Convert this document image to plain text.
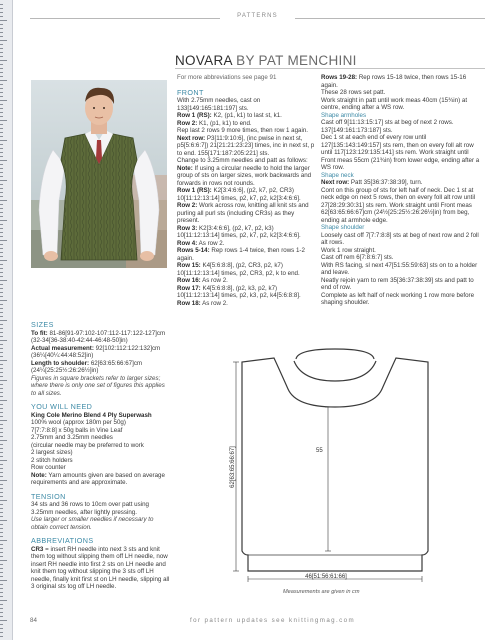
PATTERNS
NOVARA BY PAT MENCHINI
SIZES

To fit: 81-86[91-97:102-107:112-117:122-127]cm (32-34[36-38:40-42:44-46:48-50]in)

Actual measurement: 92[102:112:122:132]cm (36¼[40¼:44:48:52]in)

Length to shoulder: 62[63:65:66:67]cm (24¼[25:25½:26:26½]in)

Figures in square brackets refer to larger sizes; where there is only one set of figures this applies to all sizes.

YOU WILL NEED

King Cole Merino Blend 4 Ply Superwash

100% wool (approx 180m per 50g)

7[7:7:8:8] x 50g balls in Vine Leaf

2.75mm and 3.25mm needles

(circular needle may be preferred to work

2 largest sizes)

2 stitch holders

Row counter

Note: Yarn amounts given are based on average requirements and are approximate.

TENSION

34 sts and 36 rows to 10cm over patt using 3.25mm needles, after lightly pressing.

Use larger or smaller needles if necessary to obtain correct tension.

ABBREVIATIONS

CR3 = insert RH needle into next 3 sts and knit them tog without slipping them off LH needle, now insert RH needle into first 2 sts on LH needle and knit them tog without slipping the 3 sts off LH needle, finally knit first st on LH needle, slipping all 3 original sts tog off LH needle.

For more abbreviations see page 91

FRONT

With 2.75mm needles, cast on 133[149:165:181:197] sts.

Row 1 (RS): K2, (p1, k1) to last st, k1.

Row 2: K1, (p1, k1) to end.

Rep last 2 rows 9 more times, then row 1 again.

Next row: P3[11:9:10:6], (inc pwise in next st, p5[5:6:6:7]) 21[21:21:23:23] times, inc in next st, p to end. 155[171:187:205:221] sts.

Change to 3.25mm needles and patt as follows:

Note: If using a circular needle to hold the larger group of sts on larger sizes, work backwards and forwards in rows not rounds.

Row 1 (RS): K2[3:4:6:6], (p2, k7, p2, CR3) 10[11:12:13:14] times, p2, k7, p2, k2[3:4:6:6].

Row 2: Work across row, knitting all knit sts and purling all purl sts (including CR3s) as they present.

Row 3: K2[3:4:6:6], (p2, k7, p2, k3) 10[11:12:13:14] times, p2, k7, p2, k2[3:4:6:6].

Row 4: As row 2.

Rows 5-14: Rep rows 1-4 twice, then rows 1-2 again.

Row 15: K4[5:6:8:8], (p2, CR3, p2, k7) 10[11:12:13:14] times, p2, CR3, p2, k to end.

Row 16: As row 2.

Row 17: K4[5:6:8:8], (p2, k3, p2, k7) 10[11:12:13:14] times, p2, k3, p2, k4[5:6:8:8].

Row 18: As row 2.

Rows 19-28: Rep rows 15-18 twice, then rows 15-16 again.

These 28 rows set patt.

Work straight in patt until work meas 40cm (15¾in) at centre, ending after a WS row.

Shape armholes

Cast off 9[11:13:15:17] sts at beg of next 2 rows. 137[149:161:173:187] sts.

Dec 1 st at each end of every row until 127[135:143:149:157] sts rem, then on every foll alt row until 117[123:129:135:141] sts rem. Work straight until Front meas 55cm (21¾in) from lower edge, ending after a WS row.

Shape neck

Next row: Patt 35[36:37:38:39], turn.

Cont on this group of sts for left half of neck. Dec 1 st at neck edge on next 5 rows, then on every foll alt row until 27[28:29:30:31] sts rem. Work straight until Front meas 62[63:65:66:67]cm (24½[25:25½:26:26½]in) from beg, ending at armhole edge.

Shape shoulder

Loosely cast off 7[7:7:8:8] sts at beg of next row and 2 foll alt rows.

Work 1 row straight.

Cast off rem 6[7:8:6:7] sts.

With RS facing, sl next 47[51:55:59:63] sts on to a holder and leave.

Neatly rejoin yarn to rem 35[36:37:38:39] sts and patt to end of row.

Complete as left half of neck working 1 row more before shaping shoulder.

62[63:65:66:67]	55
46[51:56:61:66]
Measurements are given in cm
84	for pattern updates see knittingmag.com
